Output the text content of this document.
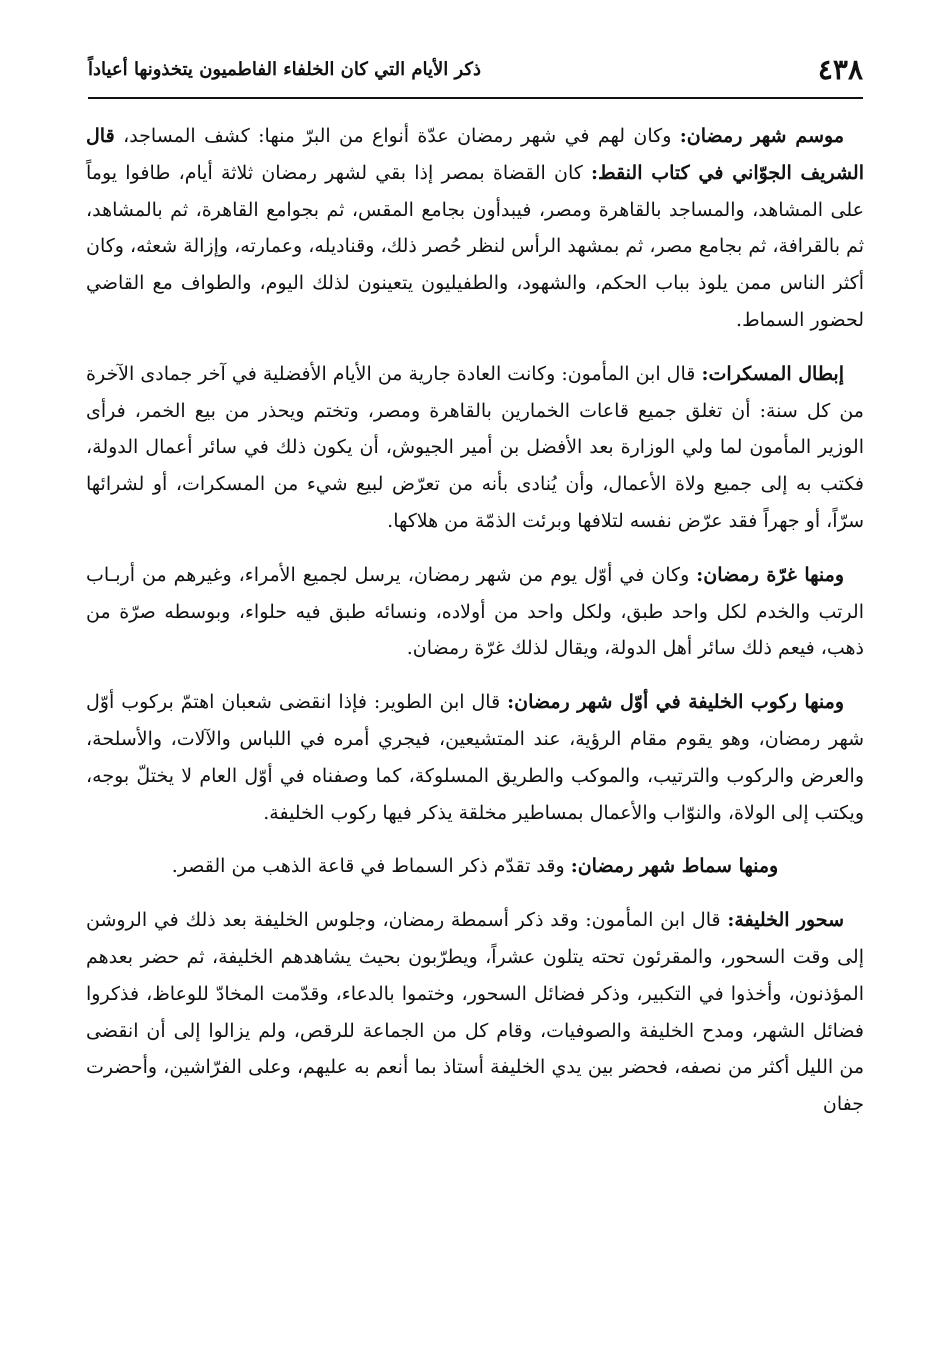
٤٣٨
ذكر الأيام التي كان الخلفاء الفاطميون يتخذونها أعياداً

موسم شهر رمضان: وكان لهم في شهر رمضان عدّة أنواع من البرّ منها: كشف المساجد، قال الشريف الجوّاني في كتاب النقط: كان القضاة بمصر إذا بقي لشهر رمضان ثلاثة أيام، طافوا يوماً على المشاهد، والمساجد بالقاهرة ومصر، فيبدأون بجامع المقس، ثم بجوامع القاهرة، ثم بالمشاهد، ثم بالقرافة، ثم بجامع مصر، ثم بمشهد الرأس لنظر حُصر ذلك، وقناديله، وعمارته، وإزالة شعثه، وكان أكثر الناس ممن يلوذ بباب الحكم، والشهود، والطفيليون يتعينون لذلك اليوم، والطواف مع القاضي لحضور السماط.

إبطال المسكرات: قال ابن المأمون: وكانت العادة جارية من الأيام الأفضلية في آخر جمادى الآخرة من كل سنة: أن تغلق جميع قاعات الخمارين بالقاهرة ومصر، وتختم ويحذر من بيع الخمر، فرأى الوزير المأمون لما ولي الوزارة بعد الأفضل بن أمير الجيوش، أن يكون ذلك في سائر أعمال الدولة، فكتب به إلى جميع ولاة الأعمال، وأن يُنادى بأنه من تعرّض لبيع شيء من المسكرات، أو لشرائها سرّاً، أو جهراً فقد عرّض نفسه لتلافها وبرئت الذمّة من هلاكها.

ومنها غرّة رمضان: وكان في أوّل يوم من شهر رمضان، يرسل لجميع الأمراء، وغيرهم من أربـاب الرتب والخدم لكل واحد طبق، ولكل واحد من أولاده، ونسائه طبق فيه حلواء، وبوسطه صرّة من ذهب، فيعم ذلك سائر أهل الدولة، ويقال لذلك غرّة رمضان.

ومنها ركوب الخليفة في أوّل شهر رمضان: قال ابن الطوير: فإذا انقضى شعبان اهتمّ بركوب أوّل شهر رمضان، وهو يقوم مقام الرؤية، عند المتشيعين، فيجري أمره في اللباس والآلات، والأسلحة، والعرض والركوب والترتيب، والموكب والطريق المسلوكة، كما وصفناه في أوّل العام لا يختلّ بوجه، ويكتب إلى الولاة، والنوّاب والأعمال بمساطير مخلقة يذكر فيها ركوب الخليفة.

ومنها سماط شهر رمضان: وقد تقدّم ذكر السماط في قاعة الذهب من القصر.

سحور الخليفة: قال ابن المأمون: وقد ذكر أسمطة رمضان، وجلوس الخليفة بعد ذلك في الروشن إلى وقت السحور، والمقرئون تحته يتلون عشراً، ويطرّبون بحيث يشاهدهم الخليفة، ثم حضر بعدهم المؤذنون، وأخذوا في التكبير، وذكر فضائل السحور، وختموا بالدعاء، وقدّمت المخادّ للوعاظ، فذكروا فضائل الشهر، ومدح الخليفة والصوفيات، وقام كل من الجماعة للرقص، ولم يزالوا إلى أن انقضى من الليل أكثر من نصفه، فحضر بين يدي الخليفة أستاذ بما أنعم به عليهم، وعلى الفرّاشين، وأحضرت جفان
